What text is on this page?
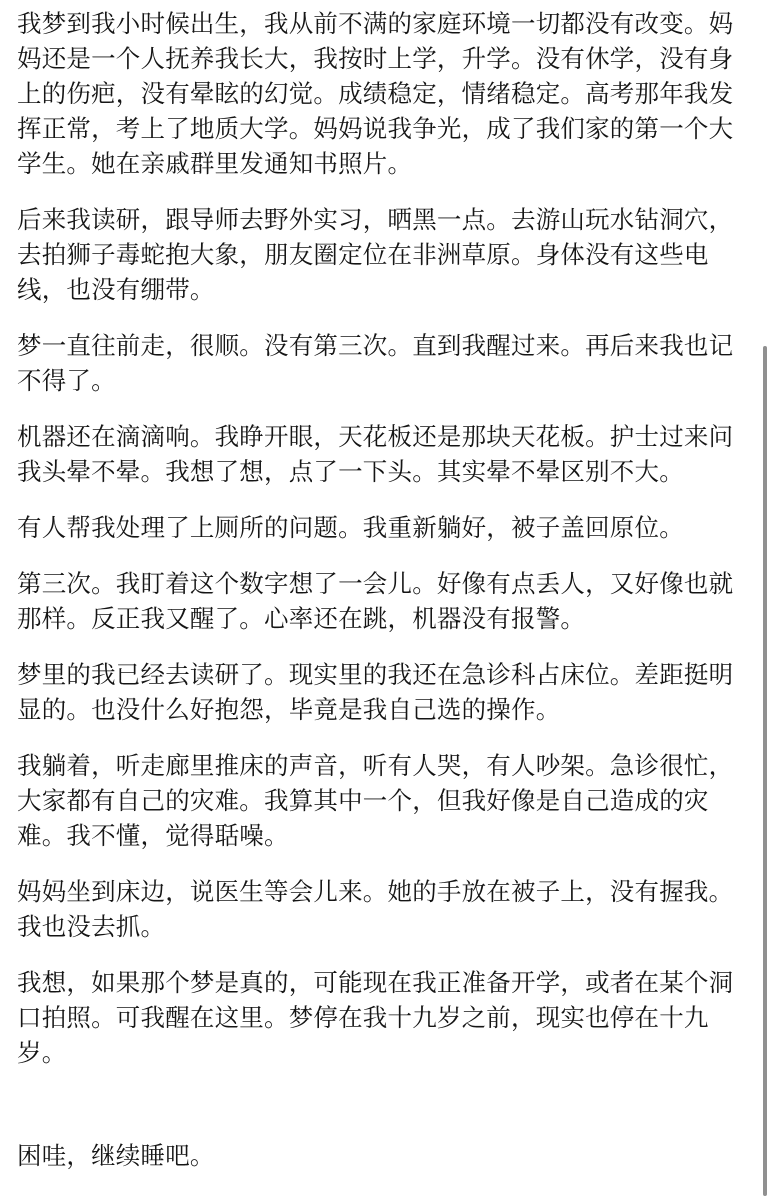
我梦到我小时候出生，我从前不满的家庭环境一切都没有改变。妈妈还是一个人抚养我长大，我按时上学，升学。没有休学，没有身上的伤疤，没有晕眩的幻觉。成绩稳定，情绪稳定。高考那年我发挥正常，考上了地质大学。妈妈说我争光，成了我们家的第一个大学生。她在亲戚群里发通知书照片。

后来我读研，跟导师去野外实习，晒黑一点。去游山玩水钻洞穴，去拍狮子毒蛇抱大象，朋友圈定位在非洲草原。身体没有这些电线，也没有绷带。

梦一直往前走，很顺。没有第三次。直到我醒过来。再后来我也记不得了。

机器还在滴滴响。我睁开眼，天花板还是那块天花板。护士过来问我头晕不晕。我想了想，点了一下头。其实晕不晕区别不大。

有人帮我处理了上厕所的问题。我重新躺好，被子盖回原位。

第三次。我盯着这个数字想了一会儿。好像有点丢人，又好像也就那样。反正我又醒了。心率还在跳，机器没有报警。

梦里的我已经去读研了。现实里的我还在急诊科占床位。差距挺明显的。也没什么好抱怨，毕竟是我自己选的操作。

我躺着，听走廊里推床的声音，听有人哭，有人吵架。急诊很忙，大家都有自己的灾难。我算其中一个，但我好像是自己造成的灾难。我不懂，觉得聒噪。

妈妈坐到床边，说医生等会儿来。她的手放在被子上，没有握我。我也没去抓。

我想，如果那个梦是真的，可能现在我正准备开学，或者在某个洞口拍照。可我醒在这里。梦停在我十九岁之前，现实也停在十九岁。

困哇，继续睡吧。
